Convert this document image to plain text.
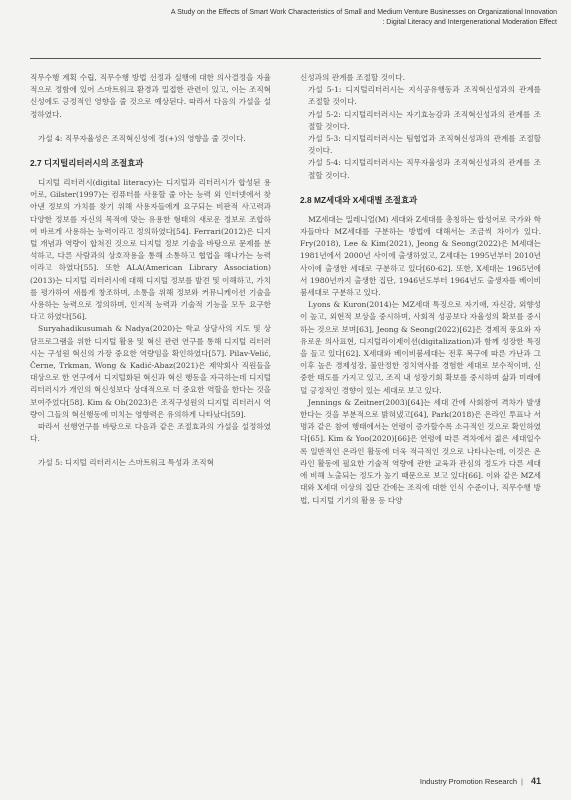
A Study on the Effects of Smart Work Characteristics of Small and Medium Venture Businesses on Organizational Innovation
: Digital Literacy and Intergenerational Moderation Effect

직무수행 계획 수립, 직무수행 방법 선정과 실행에 대한 의사결정을 자율적으로 정함에 있어 스마트워크 환경과 밀접한 관련이 있고, 이는 조직혁신성에도 긍정적인 영향을 줄 것으로 예상된다. 따라서 다음의 가설을 설정하였다.

가설 4: 직무자율성은 조직혁신성에 정(+)의 영향을 줄 것이다.

2.7 디지털리터러시의 조절효과

디지털 리터러시(digital literacy)는 디지털과 리터러시가 합성된 용어로, Gilster(1997)는 컴퓨터를 사용할 줄 아는 능력 외 인터넷에서 찾아낸 정보의 가치를 찾기 위해 사용자들에게 요구되는 비판적 사고력과 다양한 정보를 자신의 목적에 맞는 유용한 형태의 새로운 정보로 조합하여 바르게 사용하는 능력이라고 정의하였다[54]. Ferrari(2012)은 디지털 개념과 역량이 합쳐진 것으로 디지털 정보 기술을 바탕으로 문제를 분석하고, 다른 사람과의 상호작용을 통해 소통하고 협업을 해나가는 능력이라고 하였다[55]. 또한 ALA(American Library Association)(2013)는 디지털 리터러시에 대해 디지털 정보를 발견 및 이해하고, 가치를 평가하여 새롭게 창조하며, 소통을 위해 정보와 커뮤니케이션 기술을 사용하는 능력으로 정의하며, 인지적 능력과 기술적 기능을 모두 요구한다고 하였다[56].

Suryahadikusumah & Nadya(2020)는 학교 상담사의 지도 및 상담프로그램을 위한 디지털 활용 및 혁신 관련 연구를 통해 디지털 리터러시는 구성원 혁신의 가장 중요한 역량임을 확인하였다[57]. Pilav-Velić, Černe, Trkman, Wong & Kadić-Abaz(2021)은 제약회사 직원들을 대상으로 한 연구에서 디지털화된 혁신과 혁신 행동을 자극하는데 디지털 리터러시가 개인의 혁신성보다 상대적으로 더 중요한 역할을 한다는 것을 보여주었다[58]. Kim & Oh(2023)은 조직구성원의 디지털 리터러시 역량이 그들의 혁신행동에 미치는 영향력은 유의하게 나타났다[59].

따라서 선행연구를 바탕으로 다음과 같은 조절효과의 가설을 설정하였다.

가설 5: 디지털 리터러시는 스마트워크 특성과 조직혁

신성과의 관계를 조절할 것이다.

가설 5-1: 디지털리터러시는 지식공유행동과 조직혁신성과의 관계를 조절할 것이다.

가설 5-2: 디지털리터러시는 자기효능감과 조직혁신성과의 관계를 조절할 것이다.

가설 5-3: 디지털리터러시는 팀협업과 조직혁신성과의 관계를 조절할 것이다.

가설 5-4: 디지털리터러시는 직무자율성과 조직혁신성과의 관계를 조절할 것이다.

2.8 MZ세대와 X세대별 조절효과

MZ세대는 밀레니얼(M) 세대와 Z세대를 총칭하는 합성어로 국가와 학자들마다 MZ세대를 구분하는 방법에 대해서는 조금씩 차이가 있다. Fry(2018), Lee & Kim(2021), Jeong & Seong(2022)은 M세대는 1981년에서 2000년 사이에 출생하였고, Z세대는 1995년부터 2010년 사이에 출생한 세대로 구분하고 있다[60-62]. 또한, X세대는 1965년에서 1980년까지 출생한 집단, 1946년도부터 1964년도 출생자를 베이비붐세대로 구분하고 있다.

Lyons & Kuron(2014)는 MZ세대 특징으로 자기애, 자신감, 외향성이 높고, 외현적 보상을 중시하며, 사회적 성공보다 자율성의 확보를 중시하는 것으로 보며[63], Jeong & Seong(2022)[62]은 경제적 풍요와 자유로운 의사표현, 디지털라이제이션(digitalization)과 함께 성장한 특징을 들고 있다[62]. X세대와 베이비붐세대는 전후 복구에 따른 가난과 그 이후 높은 경제성장, 불안정한 정치역사를 경험한 세대로 보수적이며, 신중한 태도를 가지고 있고, 조직 내 성장기회 확보를 중시하며 삶과 미래에 덜 긍정적인 경향이 있는 세대로 보고 있다.

Jennings & Zeitner(2003)[64]는 세대 간에 사회참여 격차가 발생한다는 것을 부분적으로 밝혀냈고[64], Park(2018)은 온라인 투표나 서명과 같은 참여 행태에서는 연령이 증가할수록 소극적인 것으로 확인하였다[65]. Kim & Yoo(2020)[66]은 연령에 따른 격차에서 젊은 세대일수록 일반적인 온라인 활동에 더욱 적극적인 것으로 나타나는데, 이것은 온라인 활동에 필요한 기술적 역량에 관한 교육과 관심의 정도가 다른 세대에 비해 노출되는 정도가 높기 때문으로 보고 있다[66]. 이와 같은 MZ세대와 X세대 이상의 집단 간에는 조직에 대한 인식 수준이나, 직무수행 방법, 디지털 기기의 활용 등 다양

Industry Promotion Research | 41
